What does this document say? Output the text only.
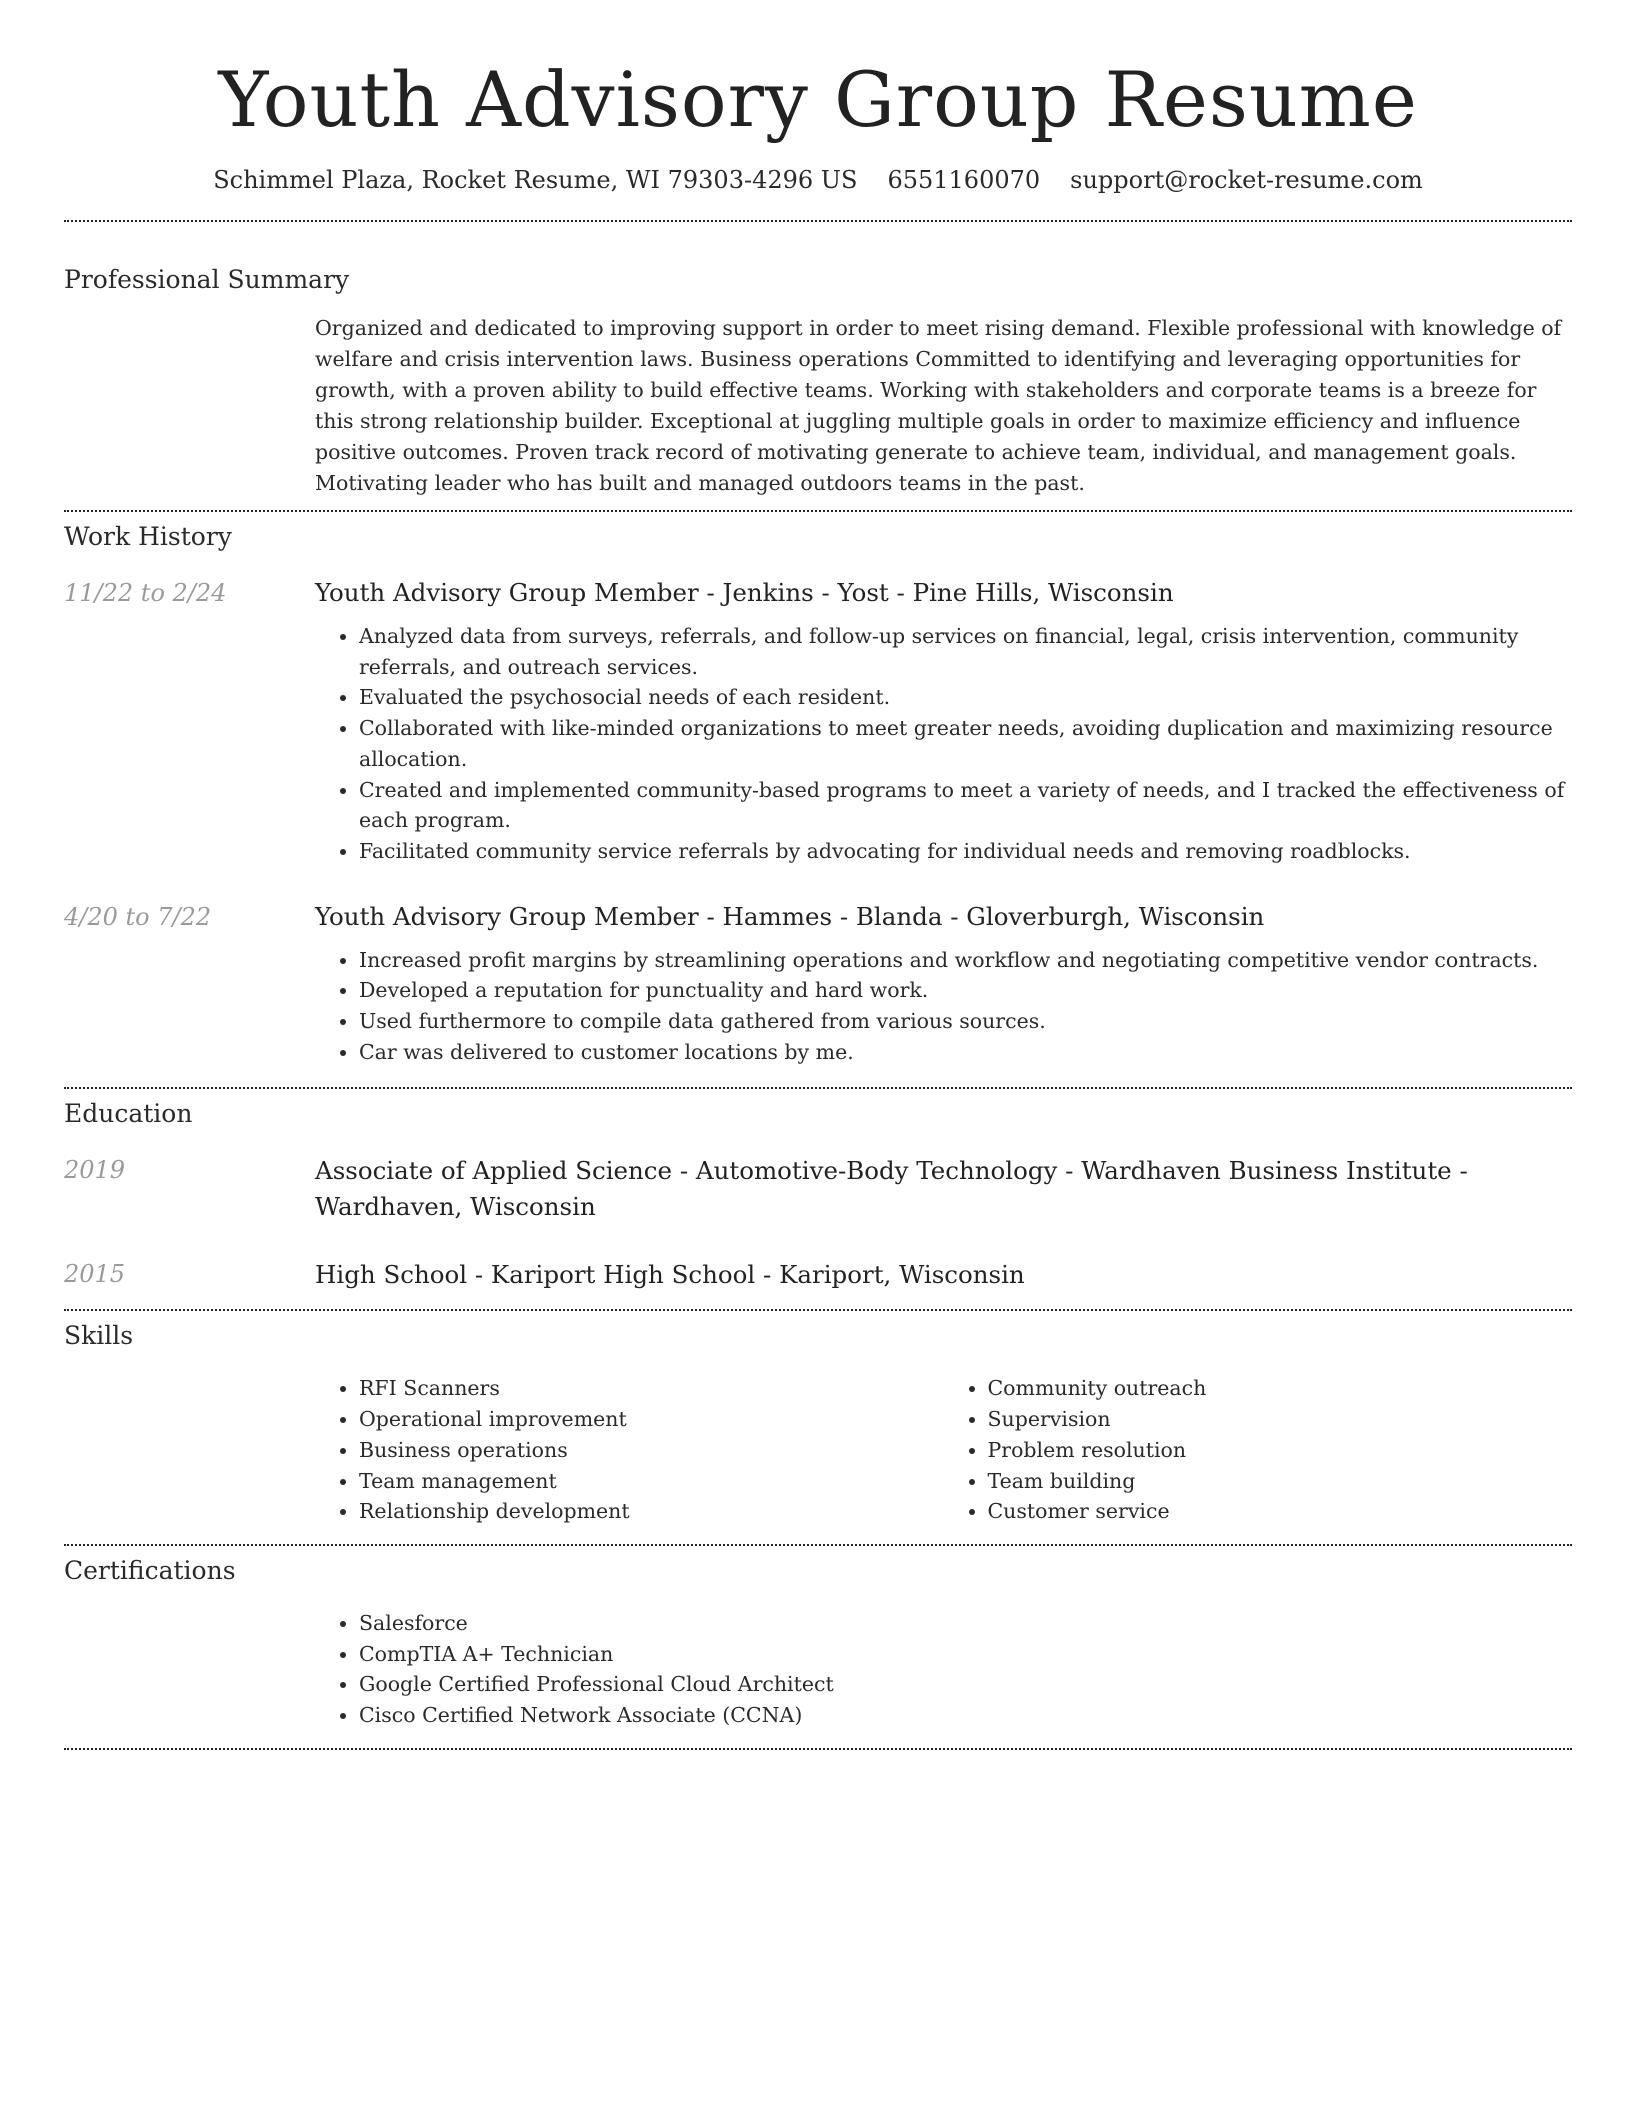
Youth Advisory Group Resume
Schimmel Plaza, Rocket Resume, WI 79303-4296 US 6551160070 support@rocket-resume.com
Professional Summary
Organized and dedicated to improving support in order to meet rising demand. Flexible professional with knowledge of welfare and crisis intervention laws. Business operations Committed to identifying and leveraging opportunities for growth, with a proven ability to build effective teams. Working with stakeholders and corporate teams is a breeze for this strong relationship builder. Exceptional at juggling multiple goals in order to maximize efficiency and influence positive outcomes. Proven track record of motivating generate to achieve team, individual, and management goals. Motivating leader who has built and managed outdoors teams in the past.
Work History
11/22 to 2/24	Youth Advisory Group Member - Jenkins - Yost - Pine Hills, Wisconsin
• Analyzed data from surveys, referrals, and follow-up services on financial, legal, crisis intervention, community referrals, and outreach services.
• Evaluated the psychosocial needs of each resident.
• Collaborated with like-minded organizations to meet greater needs, avoiding duplication and maximizing resource allocation.
• Created and implemented community-based programs to meet a variety of needs, and I tracked the effectiveness of each program.
• Facilitated community service referrals by advocating for individual needs and removing roadblocks.
4/20 to 7/22	Youth Advisory Group Member - Hammes - Blanda - Gloverburgh, Wisconsin
• Increased profit margins by streamlining operations and workflow and negotiating competitive vendor contracts.
• Developed a reputation for punctuality and hard work.
• Used furthermore to compile data gathered from various sources.
• Car was delivered to customer locations by me.
Education
2019	Associate of Applied Science - Automotive-Body Technology - Wardhaven Business Institute - Wardhaven, Wisconsin
2015	High School - Kariport High School - Kariport, Wisconsin
Skills
• RFI Scanners
• Operational improvement
• Business operations
• Team management
• Relationship development
• Community outreach
• Supervision
• Problem resolution
• Team building
• Customer service
Certifications
• Salesforce
• CompTIA A+ Technician
• Google Certified Professional Cloud Architect
• Cisco Certified Network Associate (CCNA)
